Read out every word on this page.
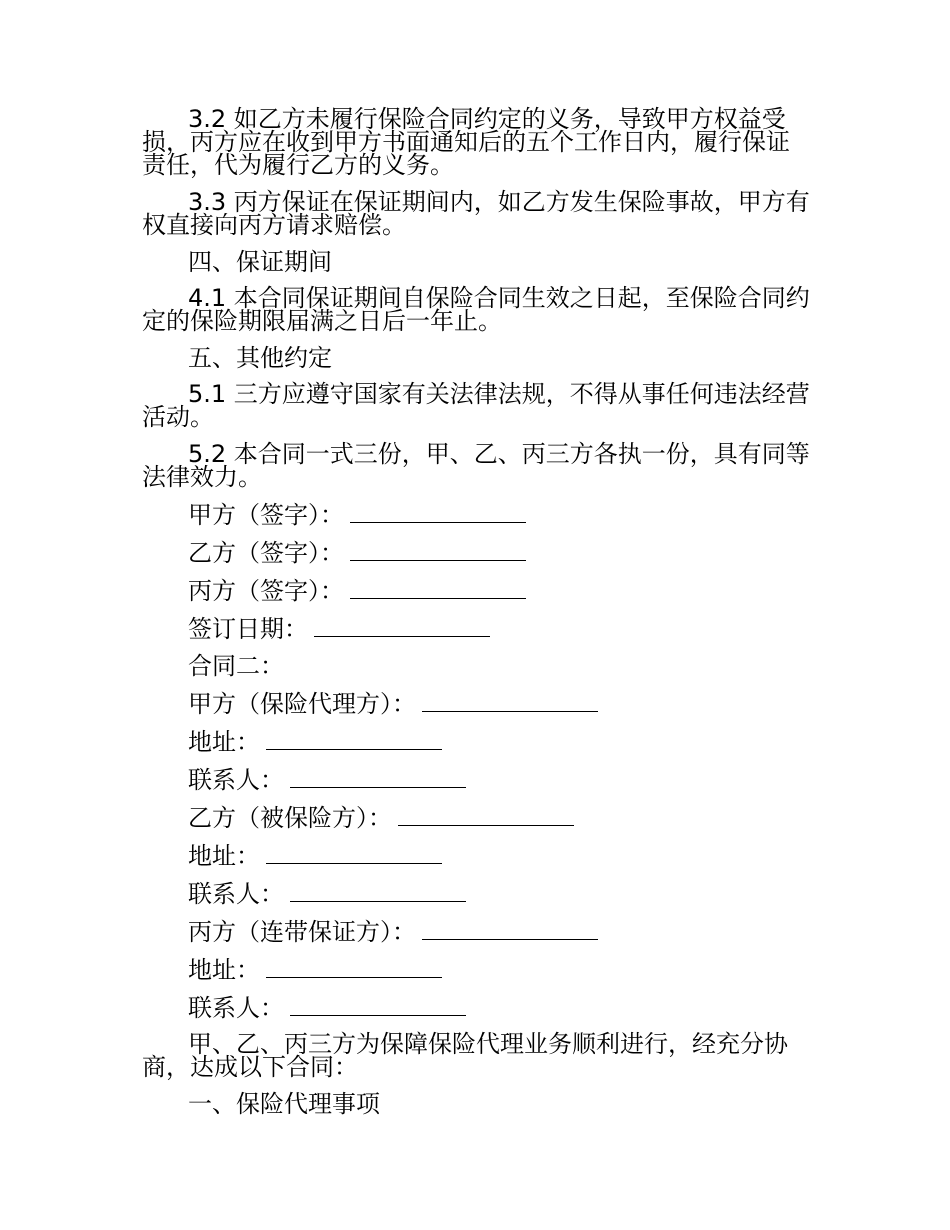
3.2 如乙方未履行保险合同约定的义务，导致甲方权益受损，丙方应在收到甲方书面通知后的五个工作日内，履行保证责任，代为履行乙方的义务。

3.3 丙方保证在保证期间内，如乙方发生保险事故，甲方有权直接向丙方请求赔偿。

四、保证期间

4.1 本合同保证期间自保险合同生效之日起，至保险合同约定的保险期限届满之日后一年止。

五、其他约定

5.1 三方应遵守国家有关法律法规，不得从事任何违法经营活动。

5.2 本合同一式三份，甲、乙、丙三方各执一份，具有同等法律效力。

甲方（签字）：

乙方（签字）：

丙方（签字）：

签订日期：

合同二：

甲方（保险代理方）：

地址：

联系人：

乙方（被保险方）：

地址：

联系人：

丙方（连带保证方）：

地址：

联系人：

甲、乙、丙三方为保障保险代理业务顺利进行，经充分协商，达成以下合同：

一、保险代理事项
